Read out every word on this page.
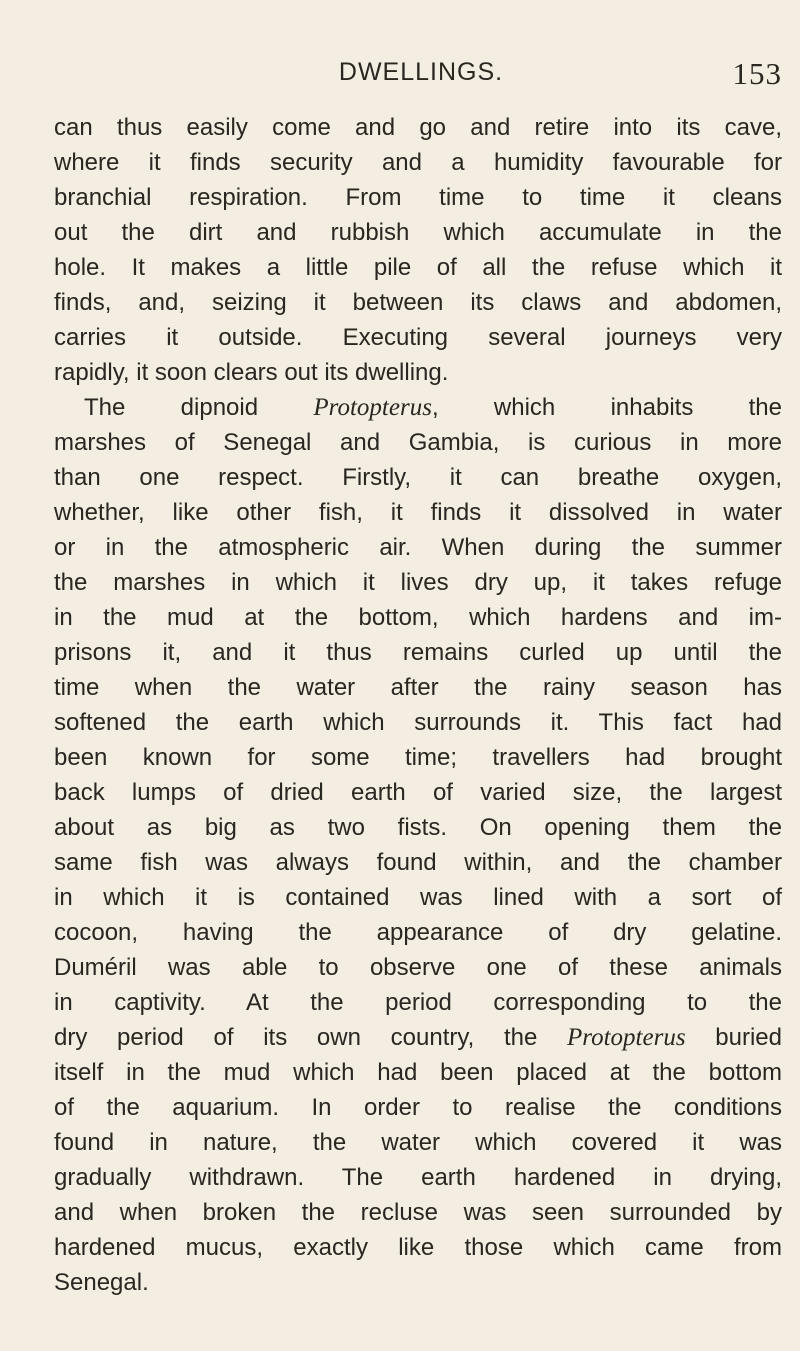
DWELLINGS.	153
can thus easily come and go and retire into its cave,
where it finds security and a humidity favourable for
branchial respiration. From time to time it cleans
out the dirt and rubbish which accumulate in the
hole. It makes a little pile of all the refuse which it
finds, and, seizing it between its claws and abdomen,
carries it outside. Executing several journeys very
rapidly, it soon clears out its dwelling.
The dipnoid Protopterus, which inhabits the
marshes of Senegal and Gambia, is curious in more
than one respect. Firstly, it can breathe oxygen,
whether, like other fish, it finds it dissolved in water
or in the atmospheric air. When during the summer
the marshes in which it lives dry up, it takes refuge
in the mud at the bottom, which hardens and im-
prisons it, and it thus remains curled up until the
time when the water after the rainy season has
softened the earth which surrounds it. This fact had
been known for some time; travellers had brought
back lumps of dried earth of varied size, the largest
about as big as two fists. On opening them the
same fish was always found within, and the chamber
in which it is contained was lined with a sort of
cocoon, having the appearance of dry gelatine.
Duméril was able to observe one of these animals
in captivity. At the period corresponding to the
dry period of its own country, the Protopterus buried
itself in the mud which had been placed at the bottom
of the aquarium. In order to realise the conditions
found in nature, the water which covered it was
gradually withdrawn. The earth hardened in drying,
and when broken the recluse was seen surrounded by
hardened mucus, exactly like those which came from
Senegal.
